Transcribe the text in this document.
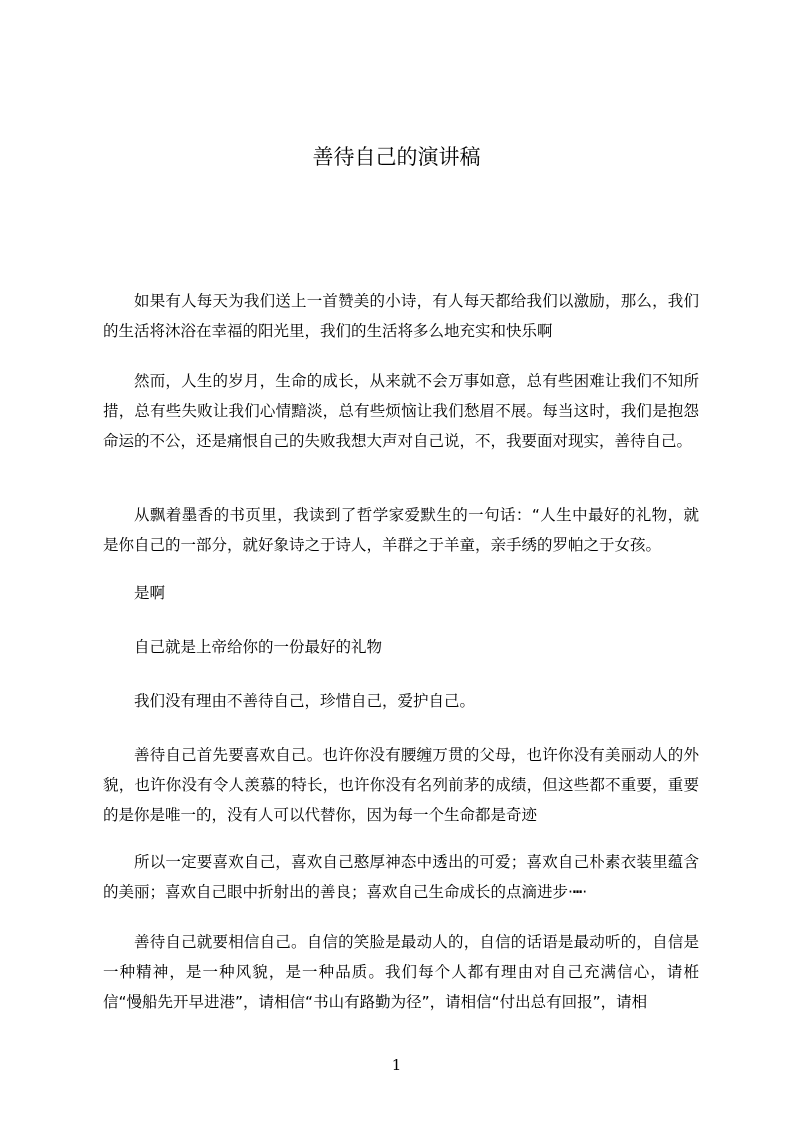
善待自己的演讲稿

如果有人每天为我们送上一首赞美的小诗，有人每天都给我们以激励，那么，我们的生活将沐浴在幸福的阳光里，我们的生活将多么地充实和快乐啊

然而，人生的岁月，生命的成长，从来就不会万事如意，总有些困难让我们不知所措，总有些失败让我们心情黯淡，总有些烦恼让我们愁眉不展。每当这时，我们是抱怨命运的不公，还是痛恨自己的失败我想大声对自己说，不，我要面对现实，善待自己。

从飘着墨香的书页里，我读到了哲学家爱默生的一句话：“人生中最好的礼物，就是你自己的一部分，就好象诗之于诗人，羊群之于羊童，亲手绣的罗帕之于女孩。

是啊

自己就是上帝给你的一份最好的礼物

我们没有理由不善待自己，珍惜自己，爱护自己。

善待自己首先要喜欢自己。也许你没有腰缠万贯的父母，也许你没有美丽动人的外貌，也许你没有令人羡慕的特长，也许你没有名列前茅的成绩，但这些都不重要，重要的是你是唯一的，没有人可以代替你，因为每一个生命都是奇迹

所以一定要喜欢自己，喜欢自己憨厚神态中透出的可爱；喜欢自己朴素衣装里蕴含的美丽；喜欢自己眼中折射出的善良；喜欢自己生命成长的点滴进步·┅·

善待自己就要相信自己。自信的笑脸是最动人的，自信的话语是最动听的，自信是一种精神，是一种风貌，是一种品质。我们每个人都有理由对自己充满信心，请栣信“慢船先开早进港”，请相信“书山有路勤为径”，请相信“付出总有回报”，请相

1
